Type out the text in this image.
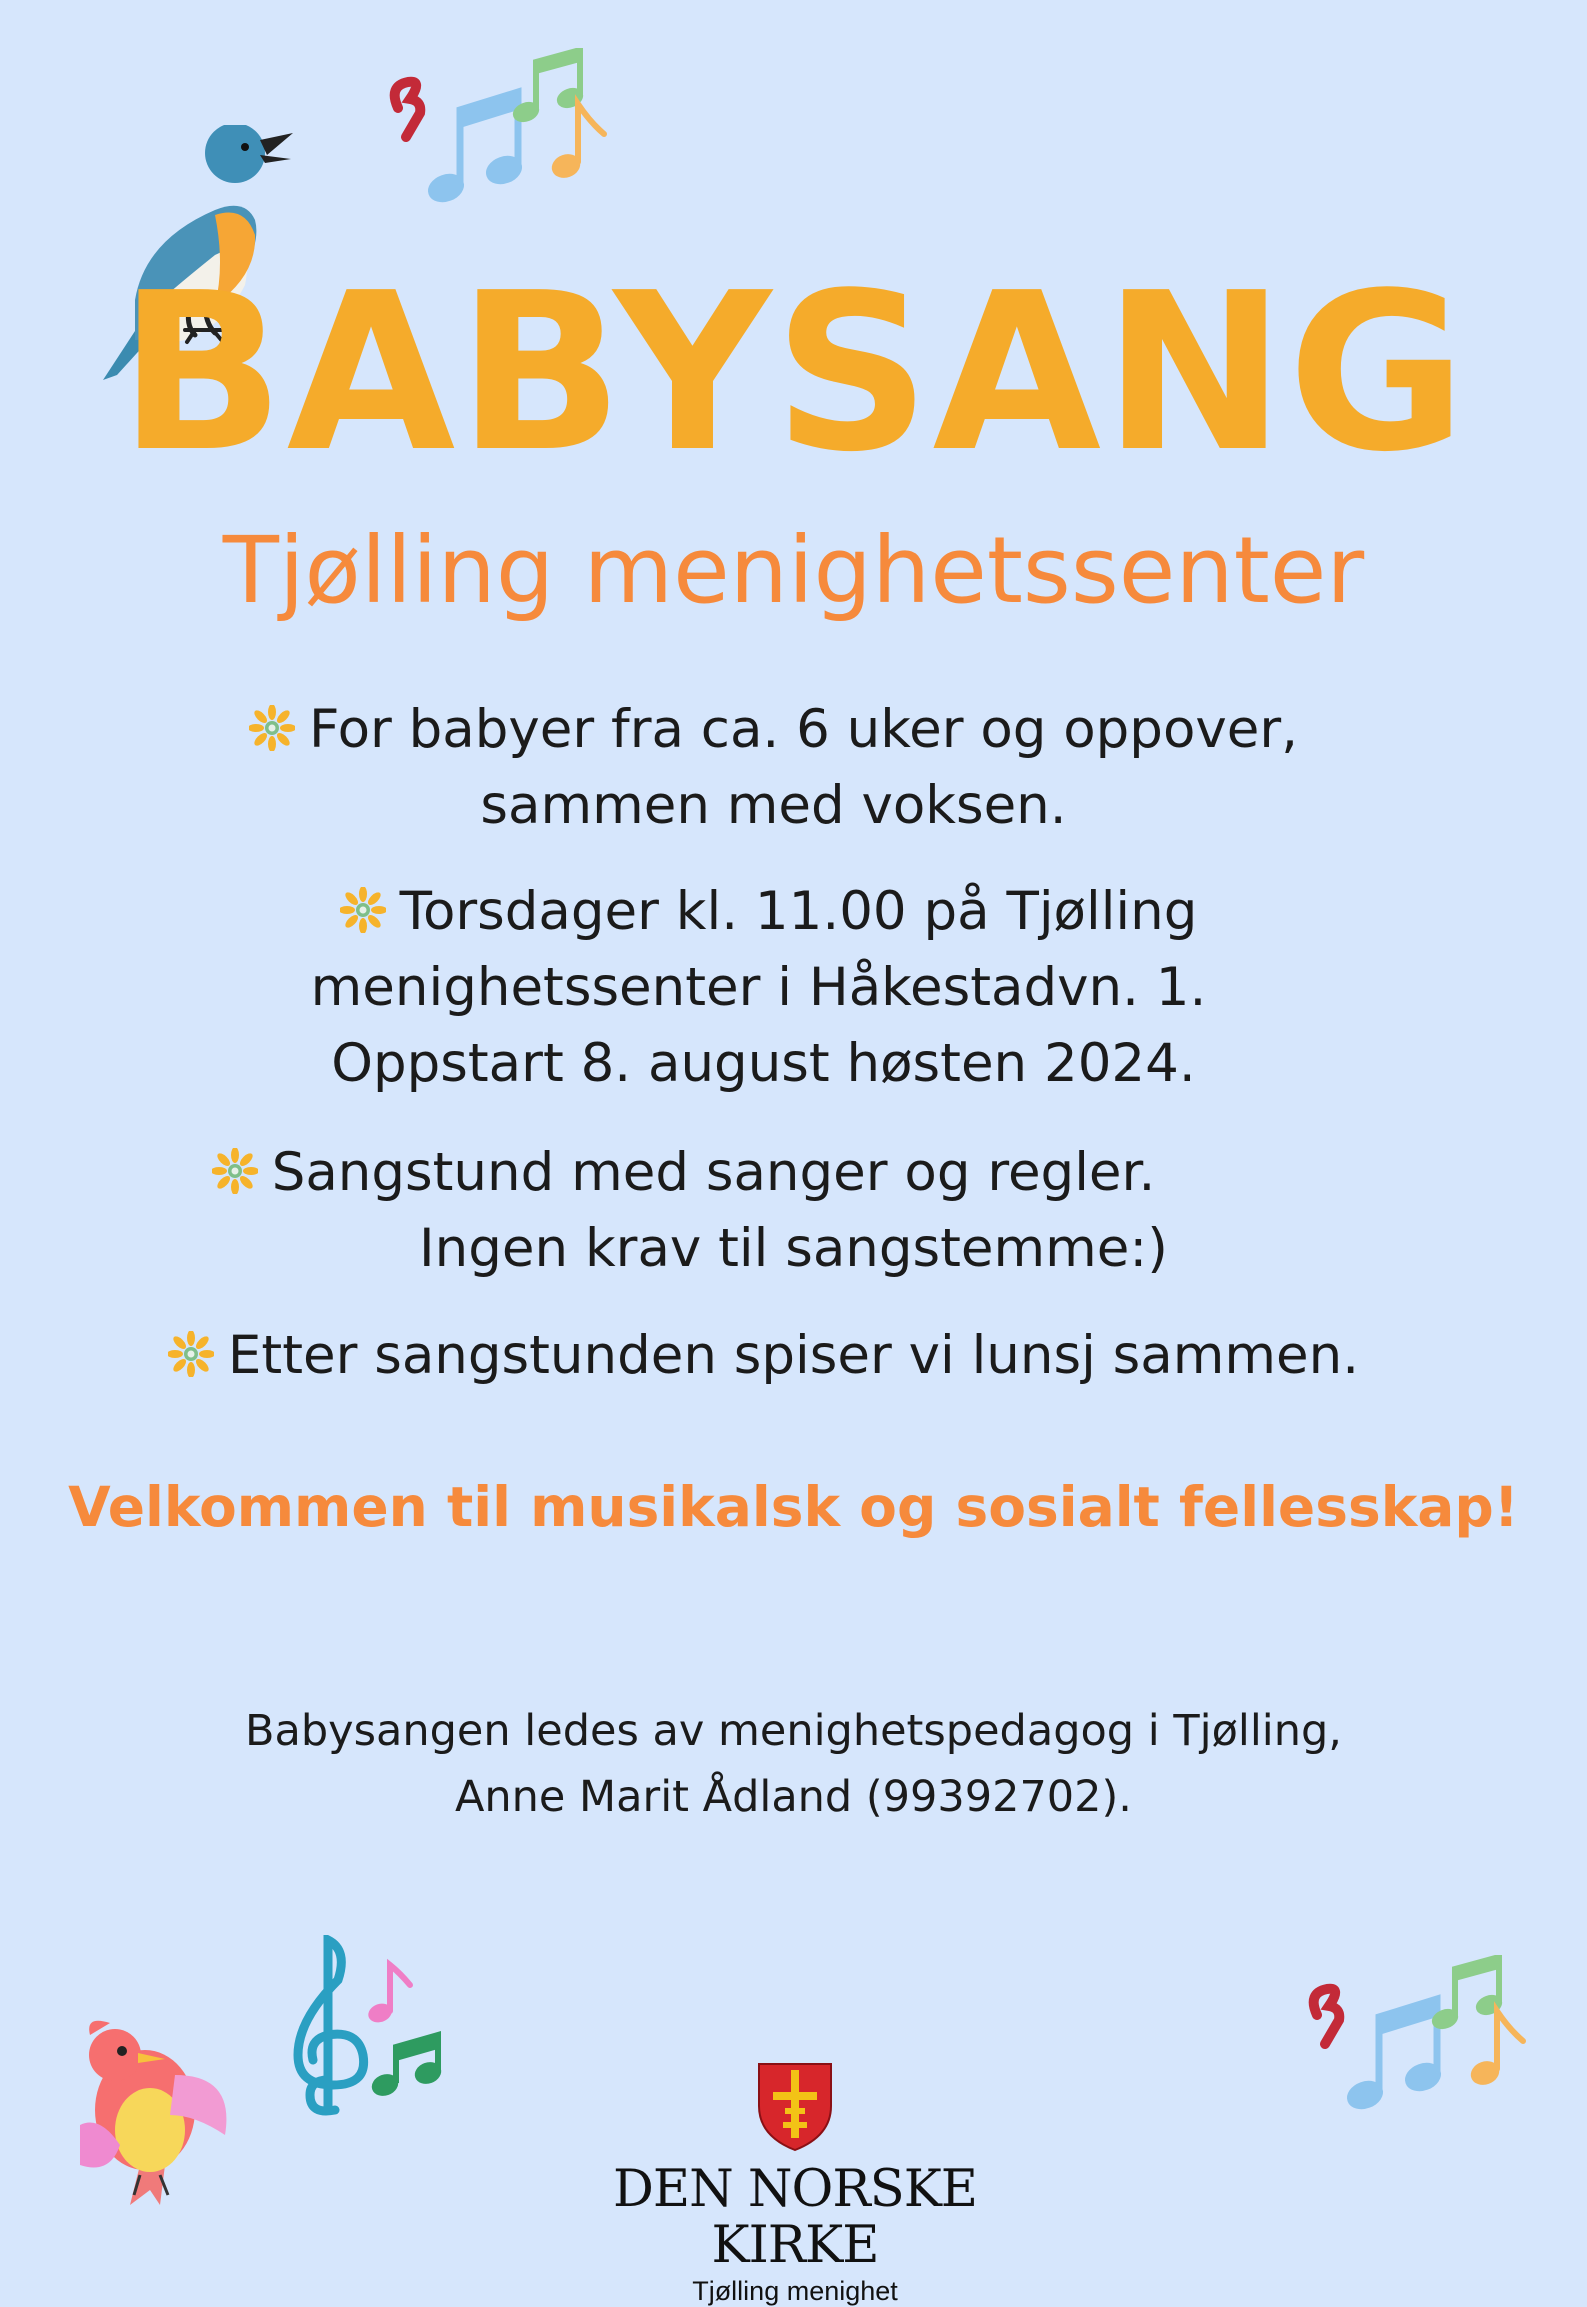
BABYSANG
Tjølling menighetssenter
For babyer fra ca. 6 uker og oppover,
sammen med voksen.
Torsdager kl. 11.00 på Tjølling
menighetssenter i Håkestadvn. 1.
Oppstart 8. august høsten 2024.
Sangstund med sanger og regler.
Ingen krav til sangstemme:)
Etter sangstunden spiser vi lunsj sammen.
Velkommen til musikalsk og sosialt fellesskap!
Babysangen ledes av menighetspedagog i Tjølling,
Anne Marit Ådland (99392702).
DEN NORSKE KIRKE
Tjølling menighet
